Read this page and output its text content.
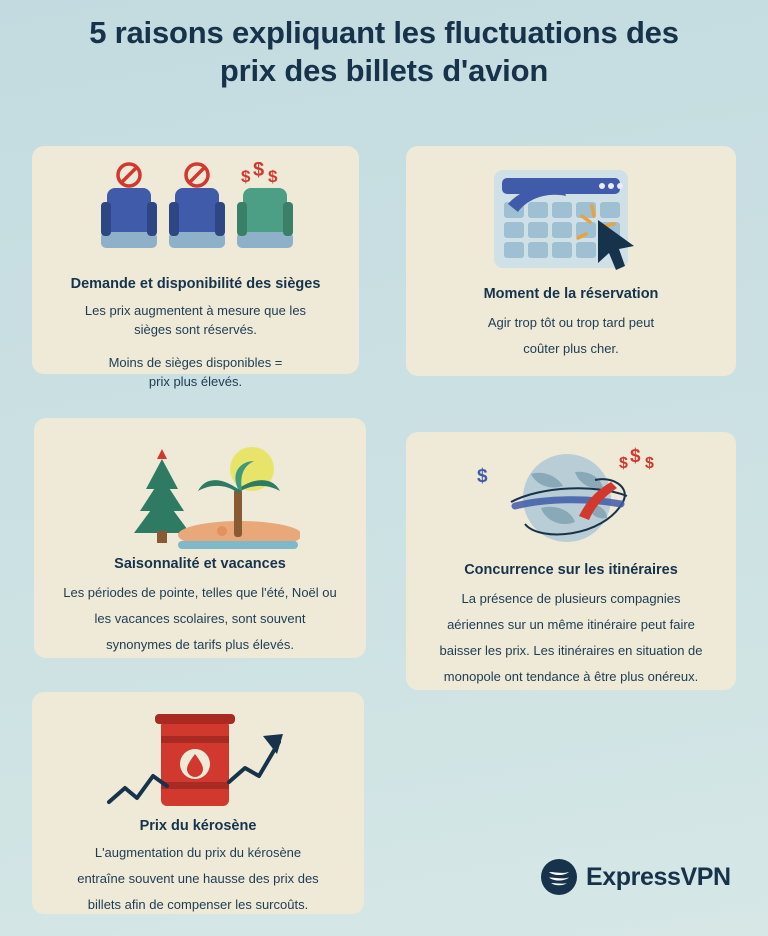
5 raisons expliquant les fluctuations des prix des billets d'avion
$ $ $
Demande et disponibilité des sièges
Les prix augmentent à mesure que les
sièges sont réservés.
Moins de sièges disponibles =
prix plus élevés.
Moment de la réservation
Agir trop tôt ou trop tard peut
coûter plus cher.
Saisonnalité et vacances
Les périodes de pointe, telles que l'été, Noël ou
les vacances scolaires, sont souvent
synonymes de tarifs plus élevés.
$
$ $ $
Concurrence sur les itinéraires
La présence de plusieurs compagnies
aériennes sur un même itinéraire peut faire
baisser les prix. Les itinéraires en situation de
monopole ont tendance à être plus onéreux.
Prix du kérosène
L'augmentation du prix du kérosène
entraîne souvent une hausse des prix des
billets afin de compenser les surcoûts.
ExpressVPN
